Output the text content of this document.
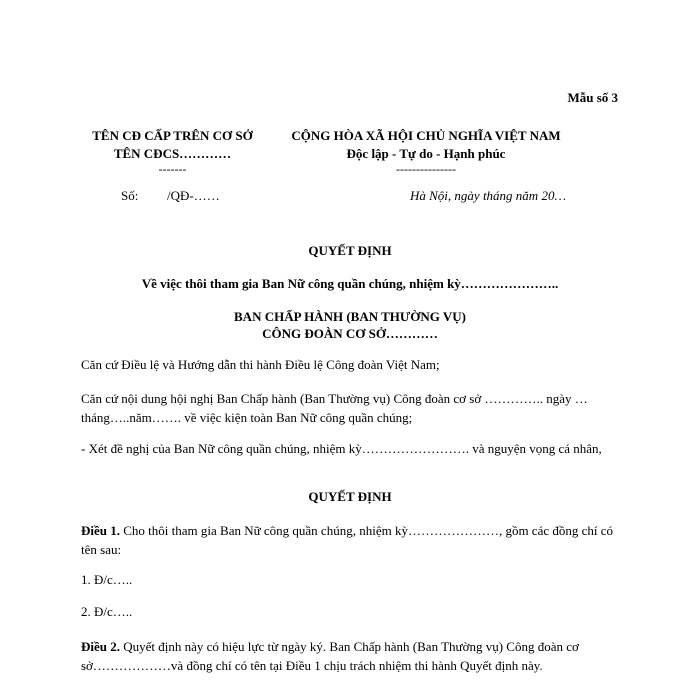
Mẫu số 3
TÊN CĐ CẤP TRÊN CƠ SỞ
TÊN CĐCS…………
-------
CỘNG HÒA XÃ HỘI CHỦ NGHĨA VIỆT NAM
Độc lập - Tự do - Hạnh phúc
---------------
Số: /QĐ-……	Hà Nội, ngày tháng năm 20…
QUYẾT ĐỊNH
Về việc thôi tham gia Ban Nữ công quần chúng, nhiệm kỳ…………………..
BAN CHẤP HÀNH (BAN THƯỜNG VỤ)
CÔNG ĐOÀN CƠ SỞ…………
Căn cứ Điều lệ và Hướng dẫn thi hành Điều lệ Công đoàn Việt Nam;
Căn cứ nội dung hội nghị Ban Chấp hành (Ban Thường vụ) Công đoàn cơ sở ………….. ngày … tháng…..năm……. về việc kiện toàn Ban Nữ công quần chúng;
- Xét đề nghị của Ban Nữ công quần chúng, nhiệm kỳ……………………. và nguyện vọng cá nhân,
QUYẾT ĐỊNH
Điều 1. Cho thôi tham gia Ban Nữ công quần chúng, nhiệm kỳ…………………, gồm các đồng chí có tên sau:
1. Đ/c…..
2. Đ/c…..
Điều 2. Quyết định này có hiệu lực từ ngày ký. Ban Chấp hành (Ban Thường vụ) Công đoàn cơ sở………………và đồng chí có tên tại Điều 1 chịu trách nhiệm thi hành Quyết định này.
